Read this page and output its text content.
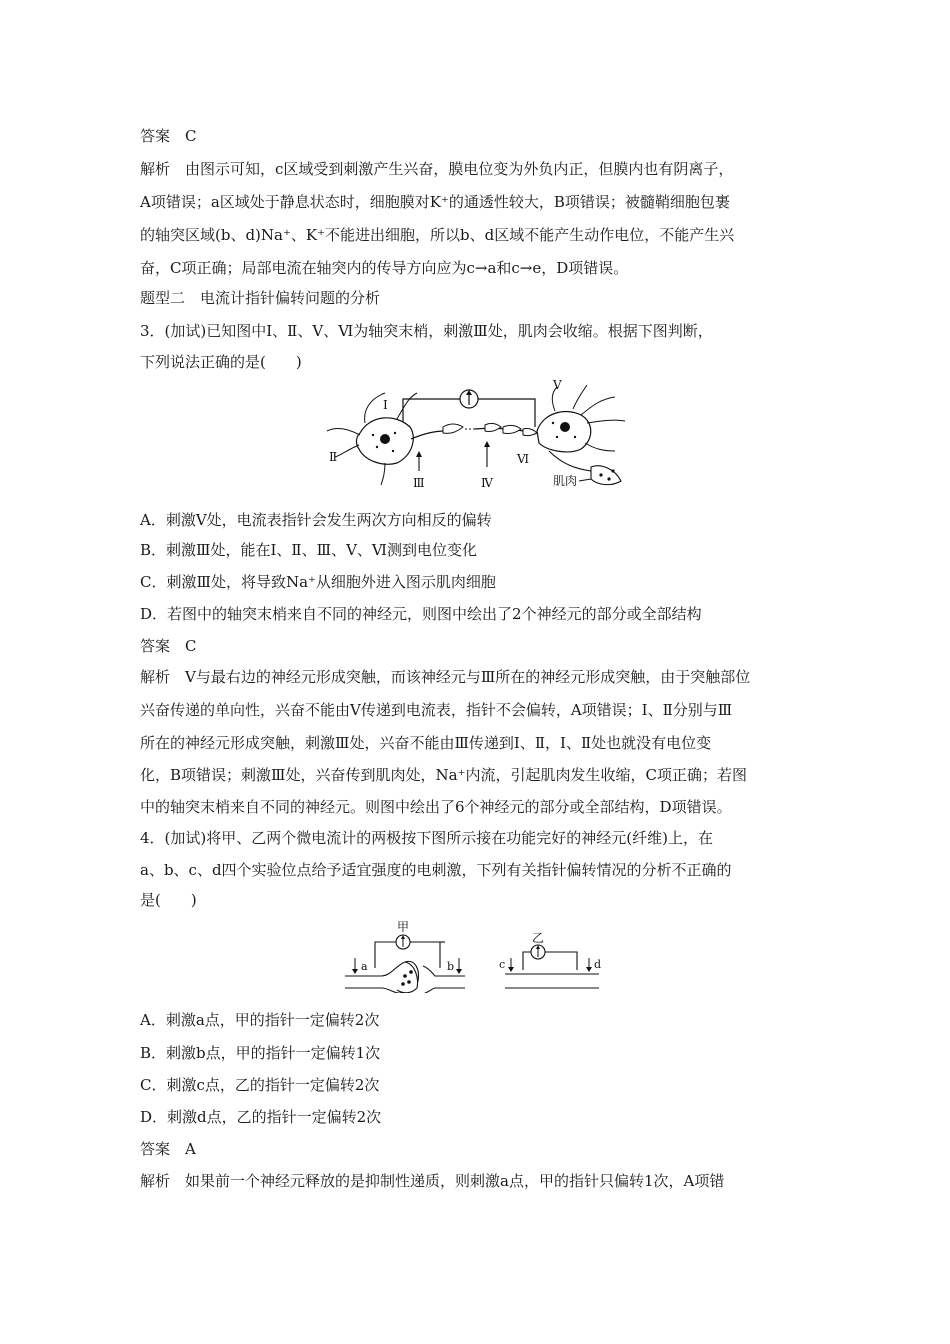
答案　C
解析　由图示可知，c区域受到刺激产生兴奋，膜电位变为外负内正，但膜内也有阴离子，
A项错误；a区域处于静息状态时，细胞膜对K⁺的通透性较大，B项错误；被髓鞘细胞包裹
的轴突区域(b、d)Na⁺、K⁺不能进出细胞，所以b、d区域不能产生动作电位，不能产生兴
奋，C项正确；局部电流在轴突内的传导方向应为c→a和c→e，D项错误。
题型二　电流计指针偏转问题的分析
3．(加试)已知图中Ⅰ、Ⅱ、Ⅴ、Ⅵ为轴突末梢，刺激Ⅲ处，肌肉会收缩。根据下图判断，
下列说法正确的是(　　)
Ⅰ
Ⅱ
Ⅲ	Ⅳ
Ⅴ
Ⅵ
肌肉
A．刺激Ⅴ处，电流表指针会发生两次方向相反的偏转
B．刺激Ⅲ处，能在Ⅰ、Ⅱ、Ⅲ、Ⅴ、Ⅵ测到电位变化
C．刺激Ⅲ处，将导致Na⁺从细胞外进入图示肌肉细胞
D．若图中的轴突末梢来自不同的神经元，则图中绘出了2个神经元的部分或全部结构
答案　C
解析　Ⅴ与最右边的神经元形成突触，而该神经元与Ⅲ所在的神经元形成突触，由于突触部位
兴奋传递的单向性，兴奋不能由Ⅴ传递到电流表，指针不会偏转，A项错误；Ⅰ、Ⅱ分别与Ⅲ
所在的神经元形成突触，刺激Ⅲ处，兴奋不能由Ⅲ传递到Ⅰ、Ⅱ，Ⅰ、Ⅱ处也就没有电位变
化，B项错误；刺激Ⅲ处，兴奋传到肌肉处，Na⁺内流，引起肌肉发生收缩，C项正确；若图
中的轴突末梢来自不同的神经元。则图中绘出了6个神经元的部分或全部结构，D项错误。
4．(加试)将甲、乙两个微电流计的两极按下图所示接在功能完好的神经元(纤维)上，在
a、b、c、d四个实验位点给予适宜强度的电刺激，下列有关指针偏转情况的分析不正确的
是(　　)
甲
a	b
乙
c	d
A．刺激a点，甲的指针一定偏转2次
B．刺激b点，甲的指针一定偏转1次
C．刺激c点，乙的指针一定偏转2次
D．刺激d点，乙的指针一定偏转2次
答案　A
解析　如果前一个神经元释放的是抑制性递质，则刺激a点，甲的指针只偏转1次，A项错
